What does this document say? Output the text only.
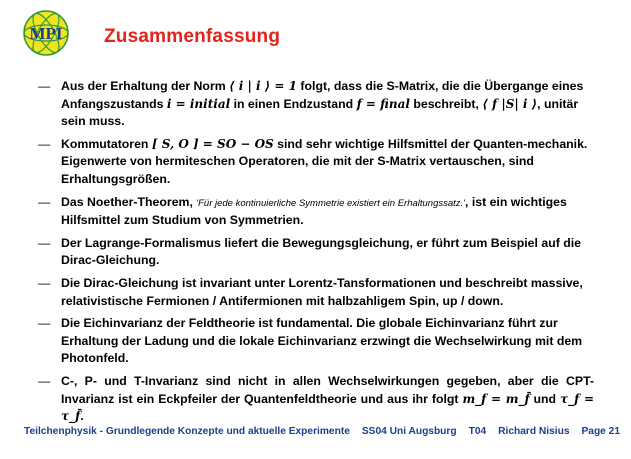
MPI Zusammenfassung
— Aus der Erhaltung der Norm ⟨ i | i ⟩ = 1 folgt, dass die S-Matrix, die die Übergange eines Anfangszustands i = initial in einen Endzustand f = final beschreibt, ⟨ f |S| i ⟩, unitär sein muss.
— Kommutatoren [ S, O ] = SO − OS sind sehr wichtige Hilfsmittel der Quanten-mechanik. Eigenwerte von hermiteschen Operatoren, die mit der S-Matrix vertauschen, sind Erhaltungsgrößen.
— Das Noether-Theorem, 'Für jede kontinuierliche Symmetrie existiert ein Erhaltungssatz.', ist ein wichtiges Hilfsmittel zum Studium von Symmetrien.
— Der Lagrange-Formalismus liefert die Bewegungsgleichung, er führt zum Beispiel auf die Dirac-Gleichung.
— Die Dirac-Gleichung ist invariant unter Lorentz-Tansformationen und beschreibt massive, relativistische Fermionen / Antifermionen mit halbzahligem Spin, up / down.
— Die Eichinvarianz der Feldtheorie ist fundamental. Die globale Eichinvarianz führt zur Erhaltung der Ladung und die lokale Eichinvarianz erzwingt die Wechselwirkung mit dem Photonfeld.
— C-, P- und T-Invarianz sind nicht in allen Wechselwirkungen gegeben, aber die CPT-Invarianz ist ein Eckpfeiler der Quantenfeldtheorie und aus ihr folgt m_f = m_f̄ und τ_f = τ_f̄.
Teilchenphysik - Grundlegende Konzepte und aktuelle Experimente SS04 Uni Augsburg T04 Richard Nisius Page 21
